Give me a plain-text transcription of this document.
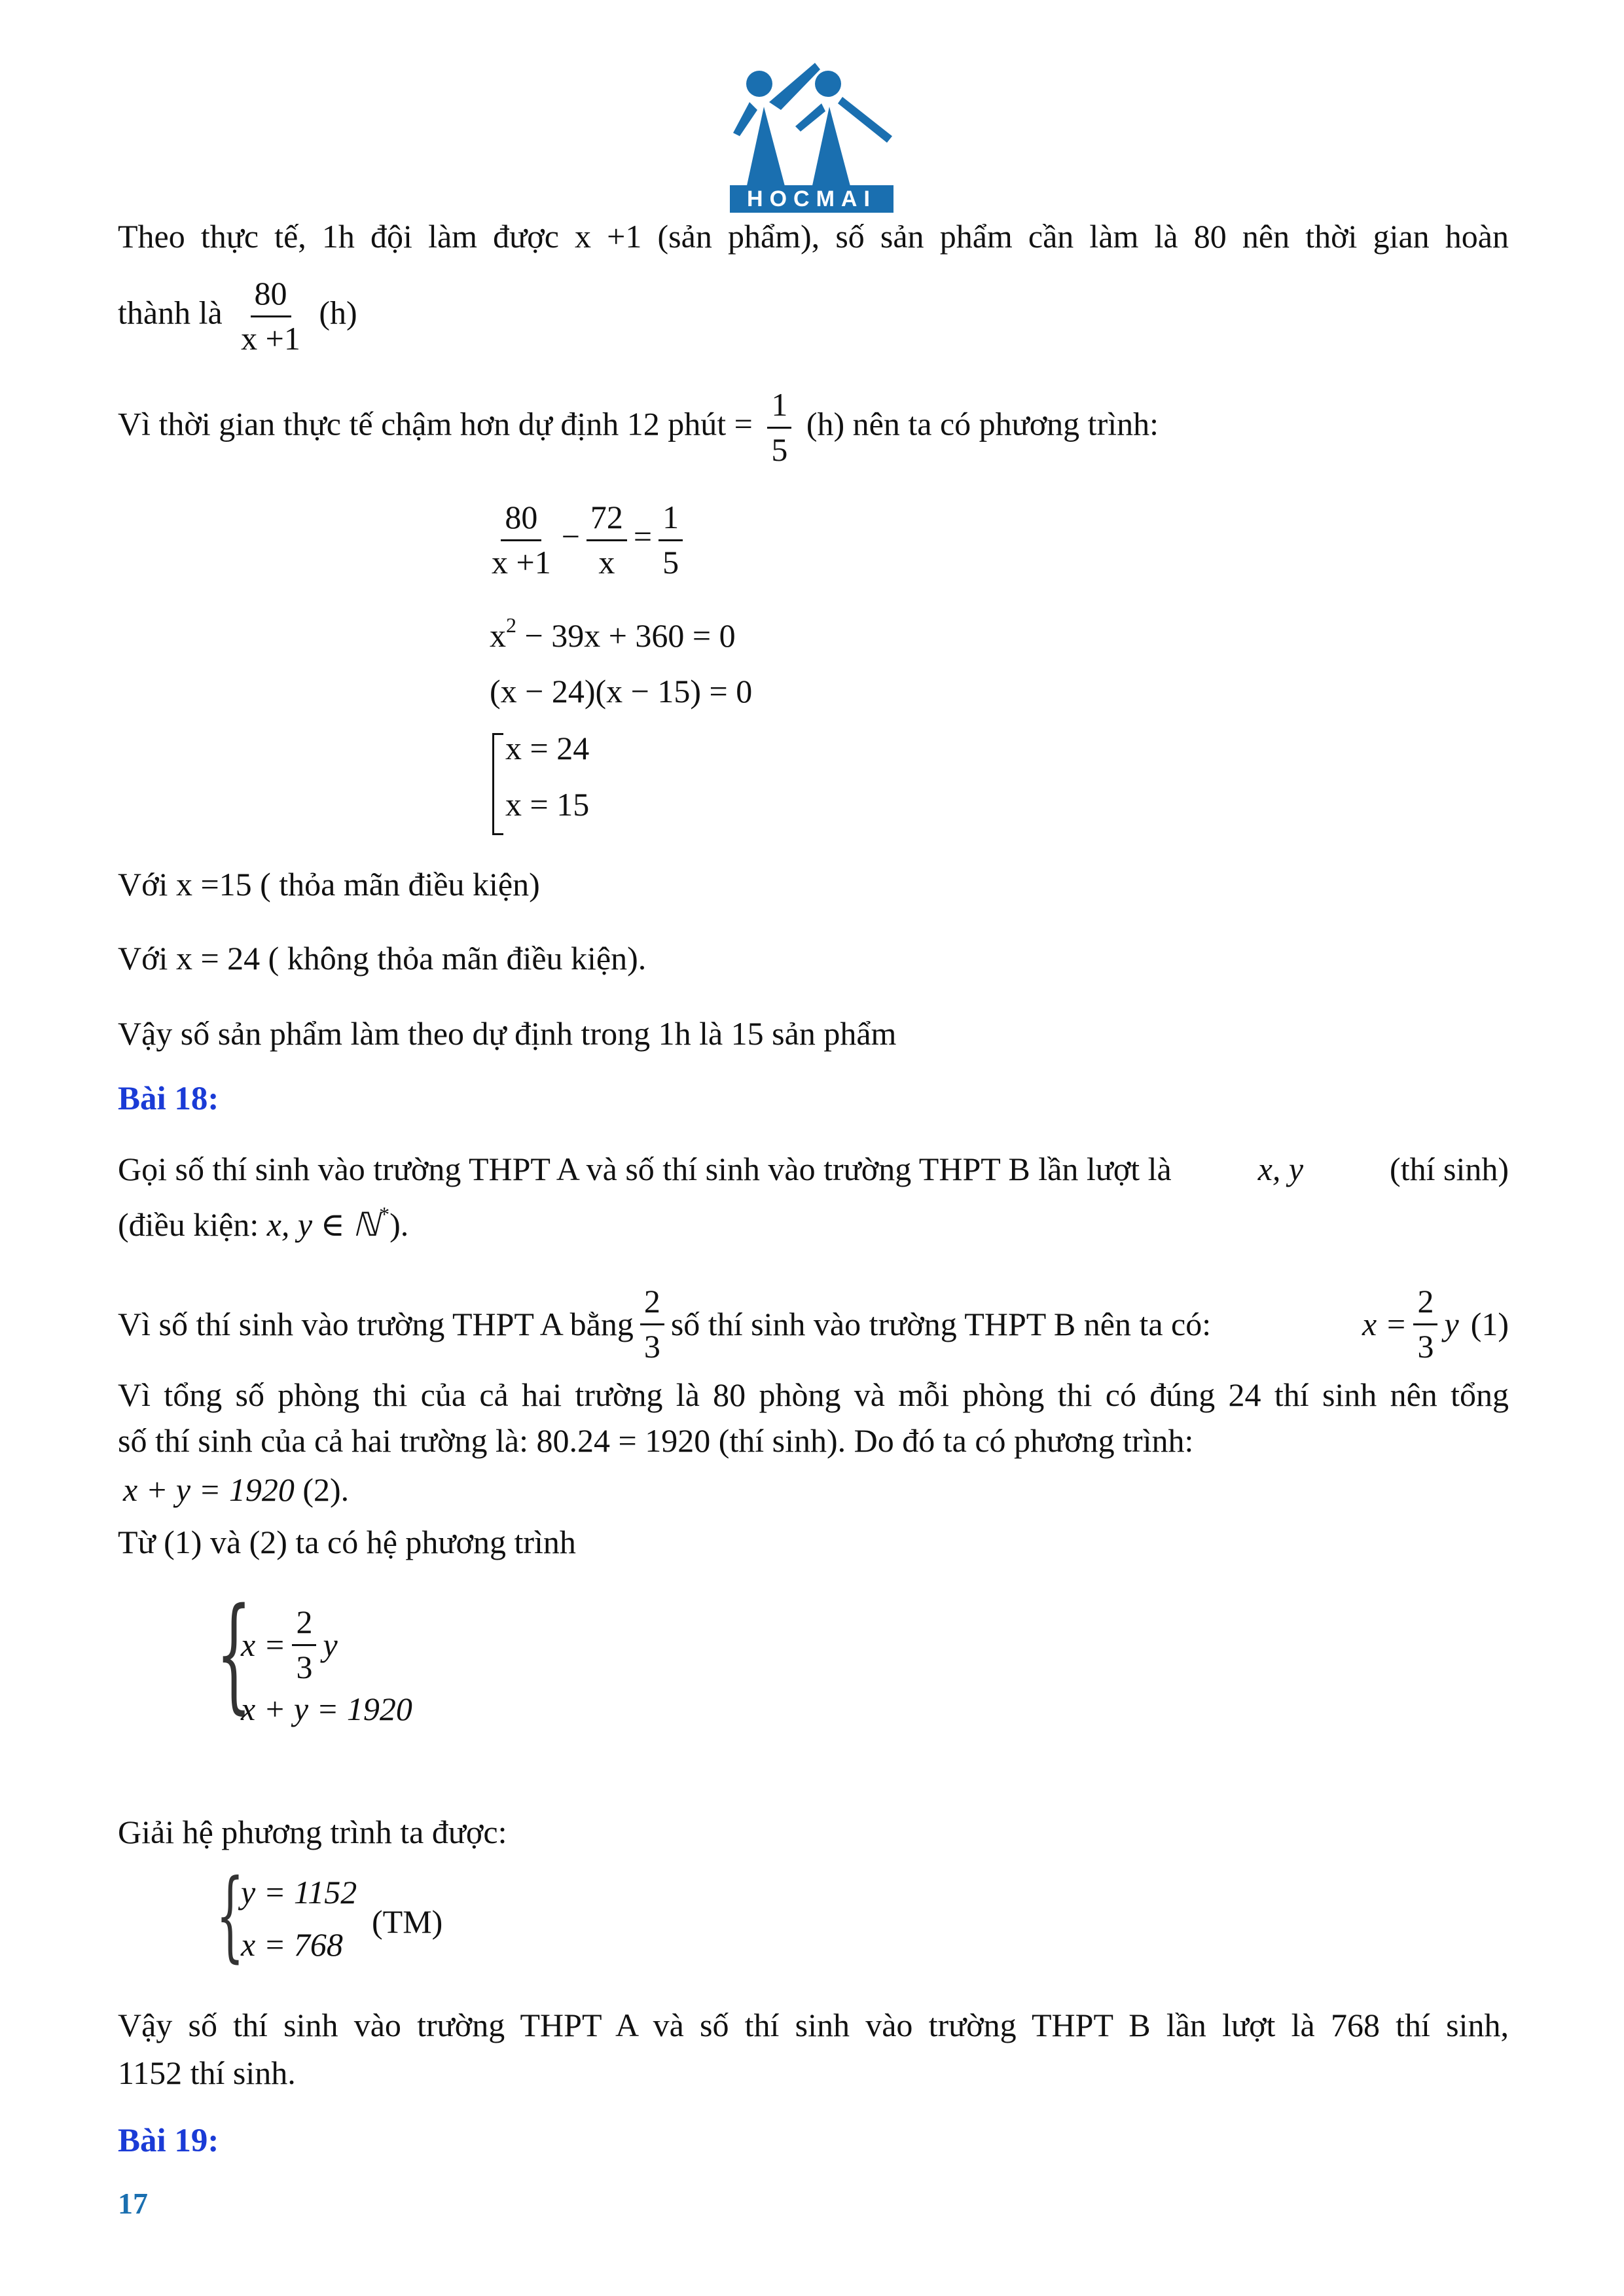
HOCMAI
Theo thực tế, 1h đội làm được x +1 (sản phẩm), số sản phẩm cần làm là 80 nên thời gian hoàn
thành là $\frac{80}{x +1} (h)$
Vì thời gian thực tế chậm hơn dự định 12 phút = $\frac{1}{5} (h)$ nên ta có phương trình:
$\frac{80}{x +1} - \frac{72}{x} = \frac{1}{5}$
$x^2 - 39x + 360 = 0$
(x − 24)(x − 15) = 0
x = 24
x = 15
Với x =15 ( thỏa mãn điều kiện)
Với x = 24 ( không thỏa mãn điều kiện).
Vậy số sản phẩm làm theo dự định trong 1h là 15 sản phẩm
Bài 18:
Gọi số thí sinh vào trường THPT A và số thí sinh vào trường THPT B lần lượt là	x, y	(thí sinh)
(điều kiện: x, y ∈ ℕ*).
Vì số thí sinh vào trường THPT A bằng $\frac{2}{3}$ số thí sinh vào trường THPT B nên ta có:	$x = \frac{2}{3}$ y (1)
Vì tổng số phòng thi của cả hai trường là 80 phòng và mỗi phòng thi có đúng 24 thí sinh nên tổng
số thí sinh của cả hai trường là: 80.24 = 1920 (thí sinh). Do đó ta có phương trình:
x + y = 1920 (2).
Từ (1) và (2) ta có hệ phương trình
{
$x = \frac{2}{3}$ y
x + y = 1920
Giải hệ phương trình ta được:
{
y = 1152
x = 768
(TM)
Vậy số thí sinh vào trường THPT A và số thí sinh vào trường THPT B lần lượt là 768 thí sinh,
1152 thí sinh.
Bài 19:
17
